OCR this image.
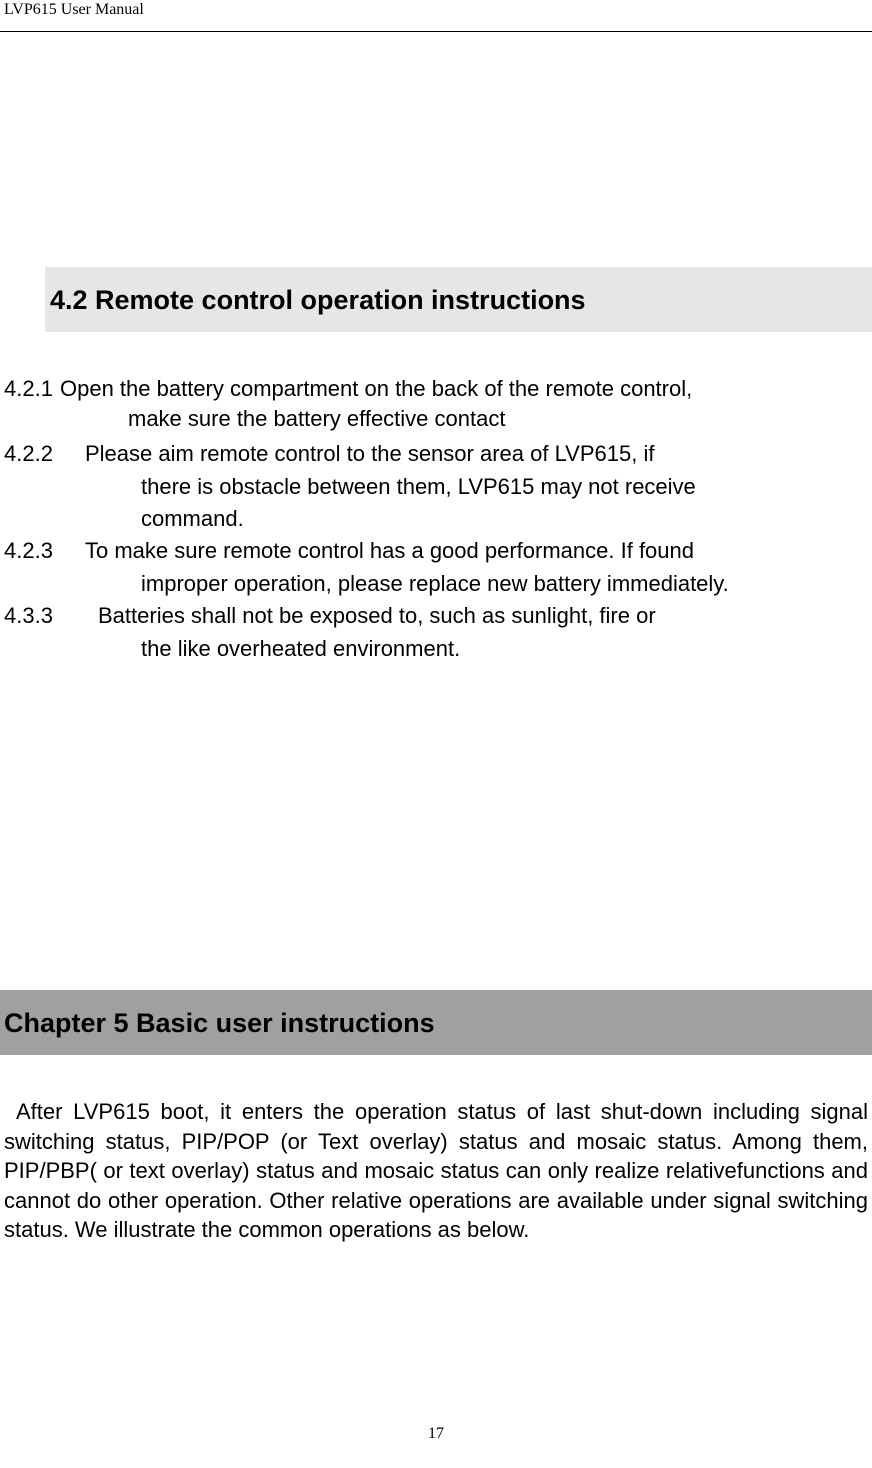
LVP615 User Manual
4.2 Remote control operation instructions
4.2.1 Open the battery compartment on the back of the remote control,
make sure the battery effective contact
4.2.2 Please aim remote control to the sensor area of LVP615, if
there is obstacle between them, LVP615 may not receive
command.
4.2.3 To make sure remote control has a good performance. If found
improper operation, please replace new battery immediately.
4.3.3 Batteries shall not be exposed to, such as sunlight, fire or
the like overheated environment.
Chapter 5 Basic user instructions

After LVP615 boot, it enters the operation status of last shut-down including signal switching status, PIP/POP (or Text overlay) status and mosaic status. Among them, PIP/PBP( or text overlay) status and mosaic status can only realize relativefunctions and cannot do other operation. Other relative operations are available under signal switching status. We illustrate the common operations as below.

17
